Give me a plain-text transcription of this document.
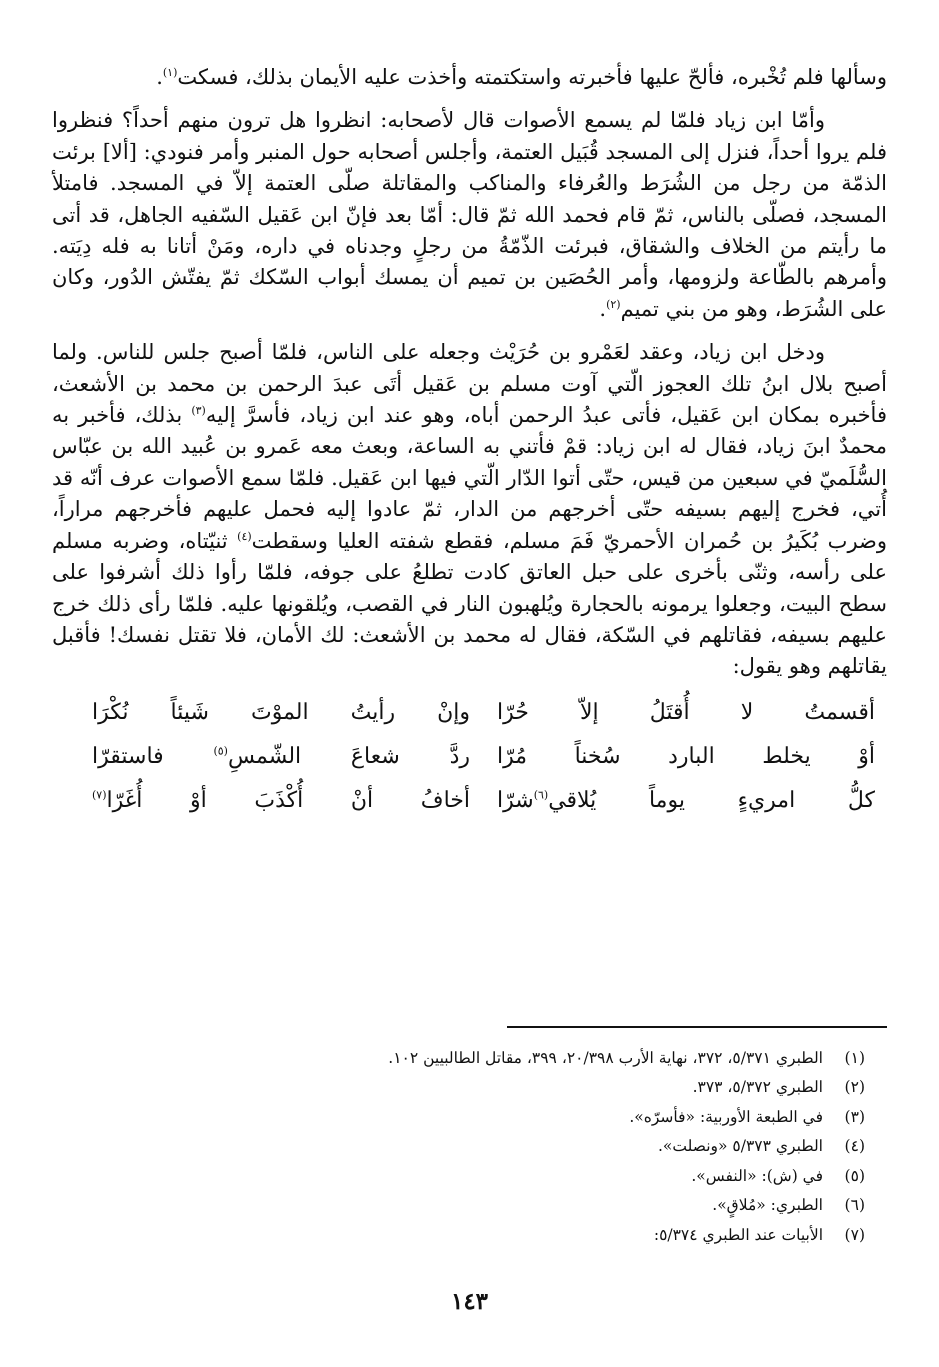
وسألها فلم تُخْبره، فألحّ عليها فأخبرته واستكتمته وأخذت عليه الأيمان بذلك، فسكت$^{(١)}$.

وأمّا ابن زياد فلمّا لم يسمع الأصوات قال لأصحابه: انظروا هل ترون منهم أحداً؟ فنظروا فلم يروا أحداً، فنزل إلى المسجد قُبَيل العتمة، وأجلس أصحابه حول المنبر وأمر فنودي: [ألا] برئت الذمّة من رجل من الشُرَط والعُرفاء والمناكب والمقاتلة صلّى العتمة إلاّ في المسجد. فامتلأ المسجد، فصلّى بالناس، ثمّ قام فحمد الله ثمّ قال: أمّا بعد فإنّ ابن عَقيل السّفيه الجاهل، قد أتى ما رأيتم من الخلاف والشقاق، فبرئت الذّمّةُ من رجلٍ وجدناه في داره، ومَنْ أتانا به فله دِيَته. وأمرهم بالطّاعة ولزومها، وأمر الحُصَين بن تميم أن يمسك أبواب السّكك ثمّ يفتّش الدُور، وكان على الشُرَط، وهو من بني تميم$^{(٢)}$.

ودخل ابن زياد، وعقد لعَمْرو بن حُرَيْث وجعله على الناس، فلمّا أصبح جلس للناس. ولما أصبح بلال ابنُ تلك العجوز الّتي آوت مسلم بن عَقيل أتَى عبدَ الرحمن بن محمد بن الأشعث، فأخبره بمكان ابن عَقيل، فأتى عبدُ الرحمن أباه، وهو عند ابن زياد، فأسرَّ إليه$^{(٣)}$ بذلك، فأخبر به محمدٌ ابنَ زياد، فقال له ابن زياد: قمْ فأتني به الساعة، وبعث معه عَمرو بن عُبيد الله بن عبّاس السُّلَميّ في سبعين من قيس، حتّى أتوا الدّار الّتي فيها ابن عَقيل. فلمّا سمع الأصوات عرف أنّه قد أُتي، فخرج إليهم بسيفه حتّى أخرجهم من الدار، ثمّ عادوا إليه فحمل عليهم فأخرجهم مراراً، وضرب بُكَيرُ بن حُمران الأحمريّ فَمَ مسلم، فقطع شفته العليا وسقطت$^{(٤)}$ ثنيّتاه، وضربه مسلم على رأسه، وثنّى بأخرى على حبل العاتق كادت تطلعُ على جوفه، فلمّا رأوا ذلك أشرفوا على سطح البيت، وجعلوا يرمونه بالحجارة ويُلهبون النار في القصب، ويُلقونها عليه. فلمّا رأى ذلك خرج عليهم بسيفه، فقاتلهم في السّكة، فقال له محمد بن الأشعث: لك الأمان، فلا تقتل نفسك! فأقبل يقاتلهم وهو يقول:

أقسمتُ لا أُقتَلُ إلاّ حُرّا
وإنْ رأيتُ الموْتَ شَيئاً نُكْرَا
أوْ يخلط البارد سُخناً مُرّا
ردَّ شعاعَ الشّمسِ$^{(٥)}$ فاستقرّا
كلُّ امريءٍ يوماً يُلاقي$^{(٦)}$شرّا
أخافُ أنْ أُكْذَبَ أوْ أُغَرّا$^{(٧)}$
(١)
الطبري ٥/٣٧١، ٣٧٢، نهاية الأرب ٢٠/٣٩٨، ٣٩٩، مقاتل الطالبيين ١٠٢.
(٢)
الطبري ٥/٣٧٢، ٣٧٣.
(٣)
في الطبعة الأوربية: «فأسرّه».
(٤)
الطبري ٥/٣٧٣ «ونصلت».
(٥)
في (ش): «النفس».
(٦)
الطبري: «مُلاقٍ».
(٧)
الأبيات عند الطبري ٥/٣٧٤:
١٤٣
